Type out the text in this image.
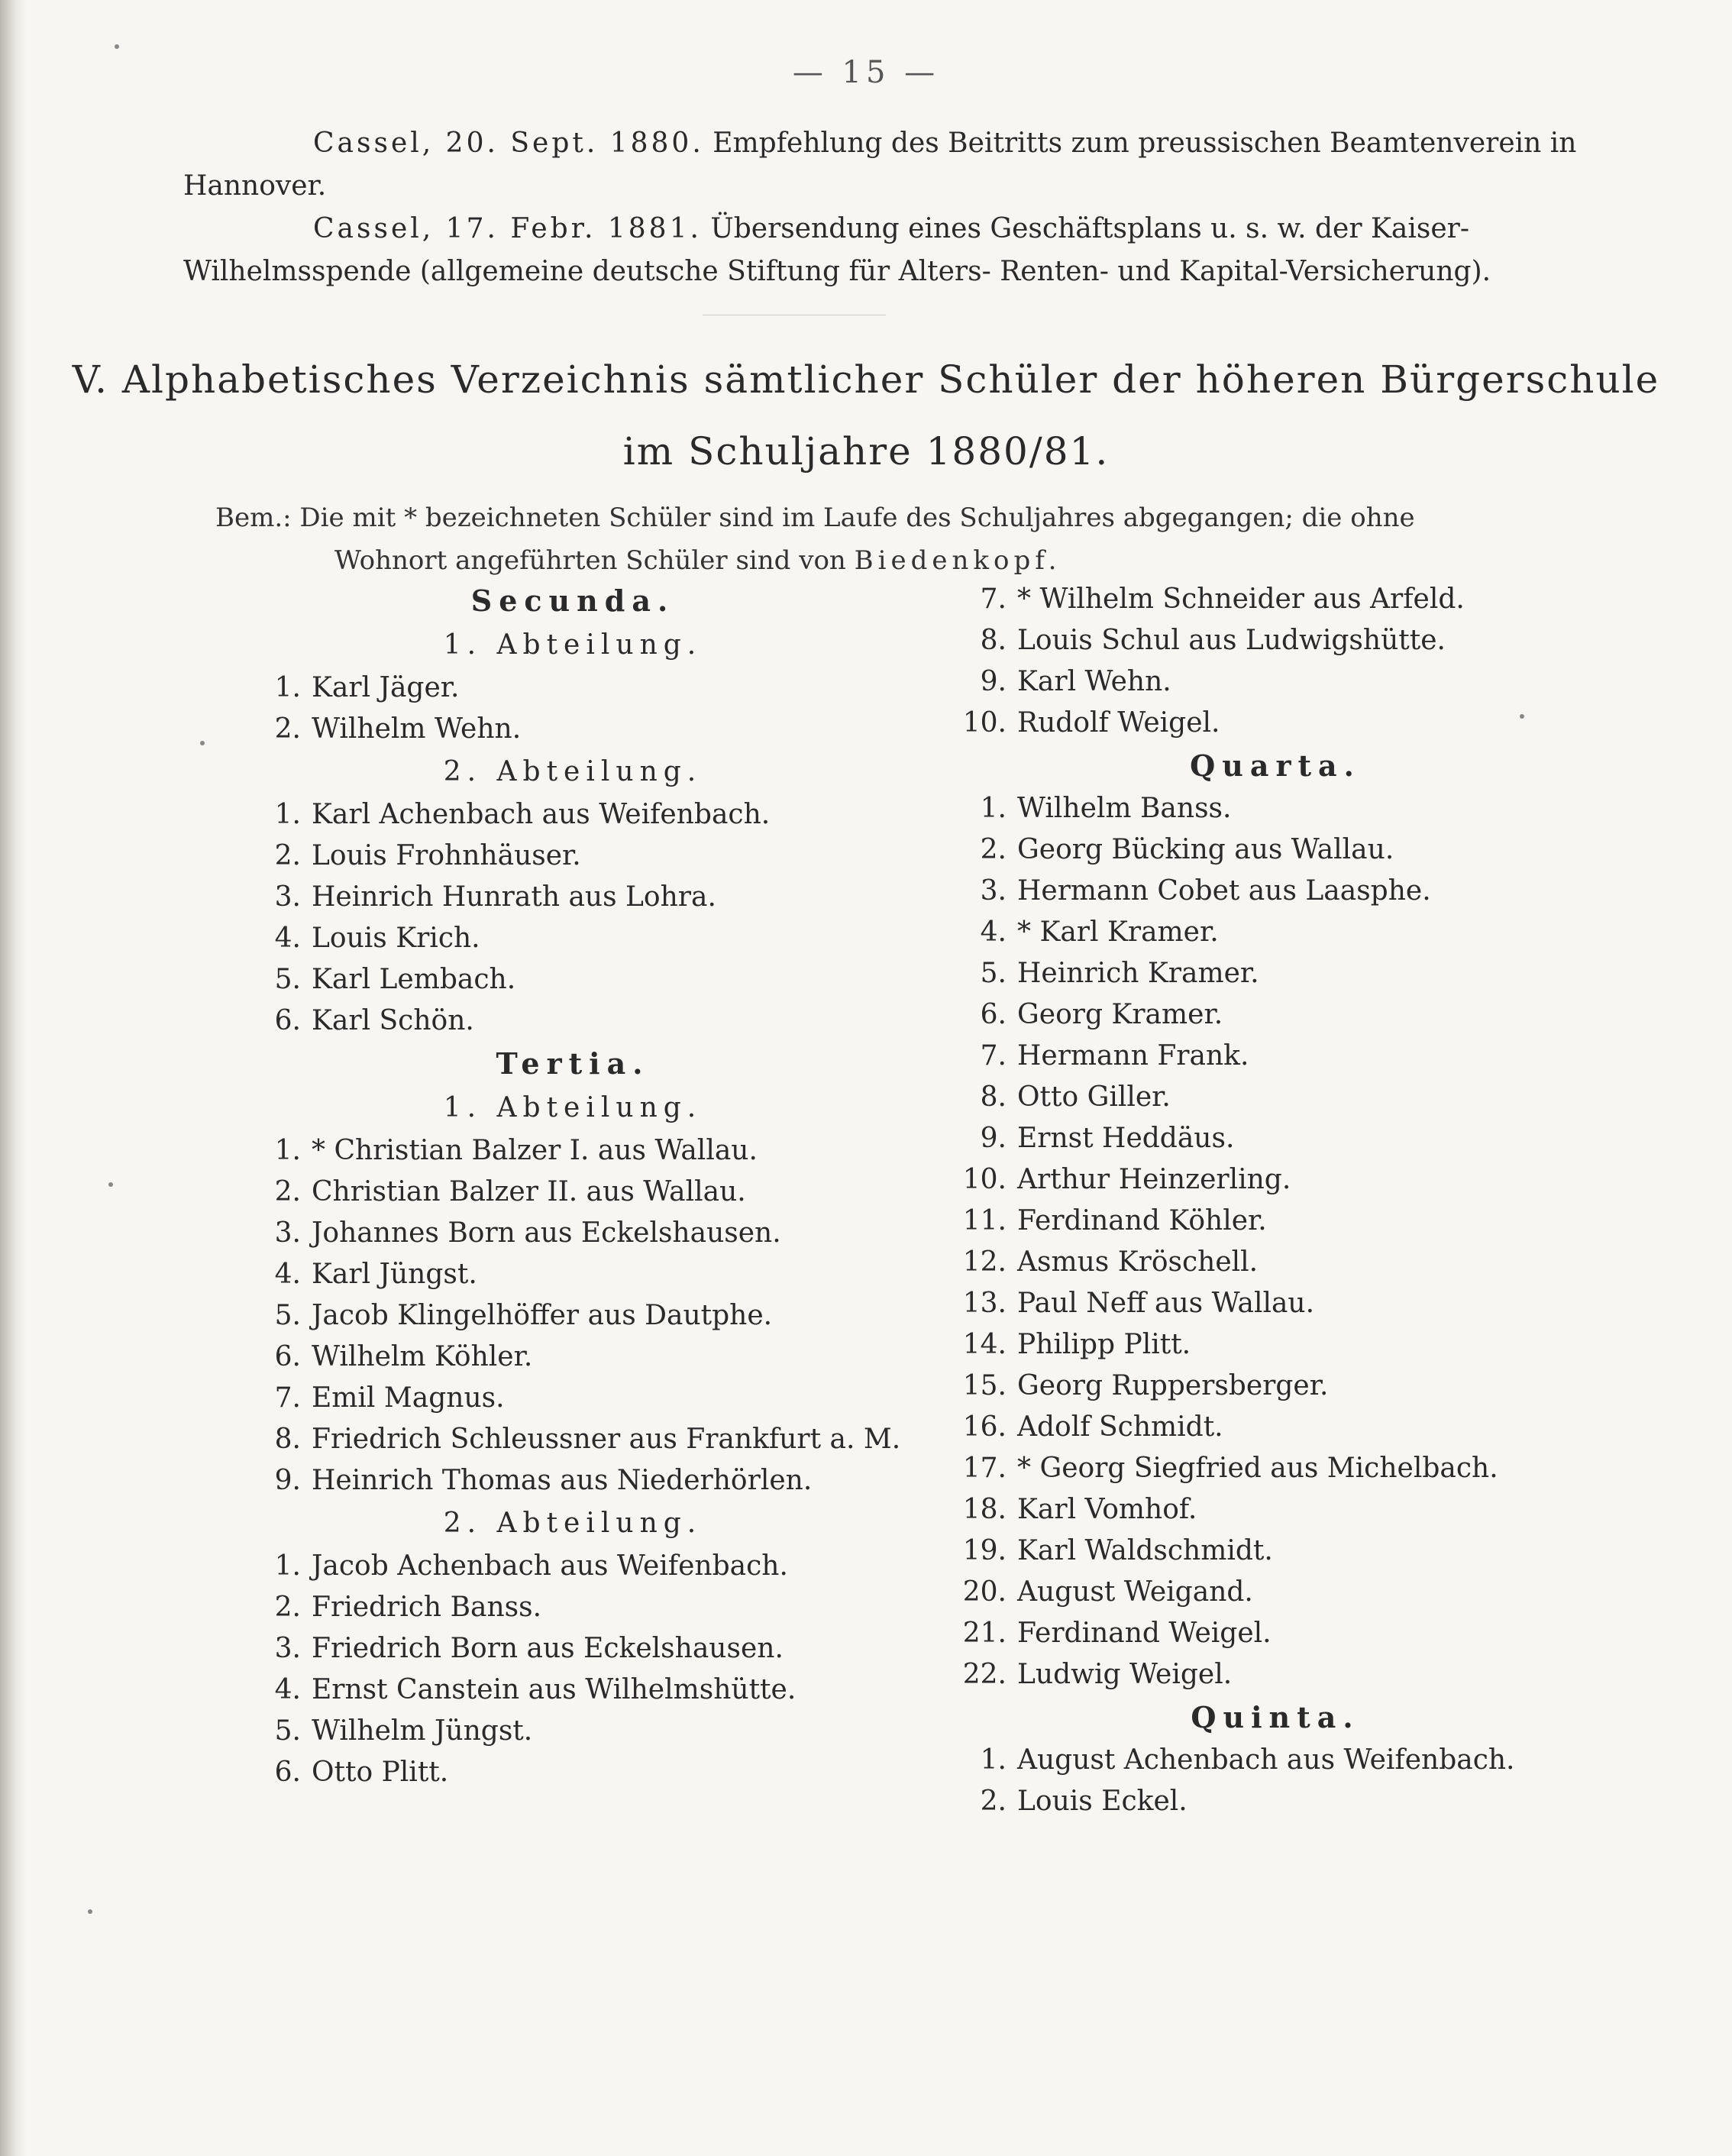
— 15 —
Cassel, 20. Sept. 1880. Empfehlung des Beitritts zum preussischen Beamtenverein in Hannover.
Cassel, 17. Febr. 1881. Übersendung eines Geschäftsplans u. s. w. der Kaiser-Wilhelmsspende (allgemeine deutsche Stiftung für Alters- Renten- und Kapital-Versicherung).
V. Alphabetisches Verzeichnis sämtlicher Schüler der höheren Bürgerschule
im Schuljahre 1880/81.
Bem.: Die mit * bezeichneten Schüler sind im Laufe des Schuljahres abgegangen; die ohne
Wohnort angeführten Schüler sind von Biedenkopf.
Secunda.
1. Abteilung.
1. Karl Jäger.
2. Wilhelm Wehn.
2. Abteilung.
1. Karl Achenbach aus Weifenbach.
2. Louis Frohnhäuser.
3. Heinrich Hunrath aus Lohra.
4. Louis Krich.
5. Karl Lembach.
6. Karl Schön.
Tertia.
1. Abteilung.
1. * Christian Balzer I. aus Wallau.
2. Christian Balzer II. aus Wallau.
3. Johannes Born aus Eckelshausen.
4. Karl Jüngst.
5. Jacob Klingelhöffer aus Dautphe.
6. Wilhelm Köhler.
7. Emil Magnus.
8. Friedrich Schleussner aus Frankfurt a. M.
9. Heinrich Thomas aus Niederhörlen.
2. Abteilung.
1. Jacob Achenbach aus Weifenbach.
2. Friedrich Banss.
3. Friedrich Born aus Eckelshausen.
4. Ernst Canstein aus Wilhelmshütte.
5. Wilhelm Jüngst.
6. Otto Plitt.
7. * Wilhelm Schneider aus Arfeld.
8. Louis Schul aus Ludwigshütte.
9. Karl Wehn.
10. Rudolf Weigel.
Quarta.
1. Wilhelm Banss.
2. Georg Bücking aus Wallau.
3. Hermann Cobet aus Laasphe.
4. * Karl Kramer.
5. Heinrich Kramer.
6. Georg Kramer.
7. Hermann Frank.
8. Otto Giller.
9. Ernst Heddäus.
10. Arthur Heinzerling.
11. Ferdinand Köhler.
12. Asmus Kröschell.
13. Paul Neff aus Wallau.
14. Philipp Plitt.
15. Georg Ruppersberger.
16. Adolf Schmidt.
17. * Georg Siegfried aus Michelbach.
18. Karl Vomhof.
19. Karl Waldschmidt.
20. August Weigand.
21. Ferdinand Weigel.
22. Ludwig Weigel.
Quinta.
1. August Achenbach aus Weifenbach.
2. Louis Eckel.
